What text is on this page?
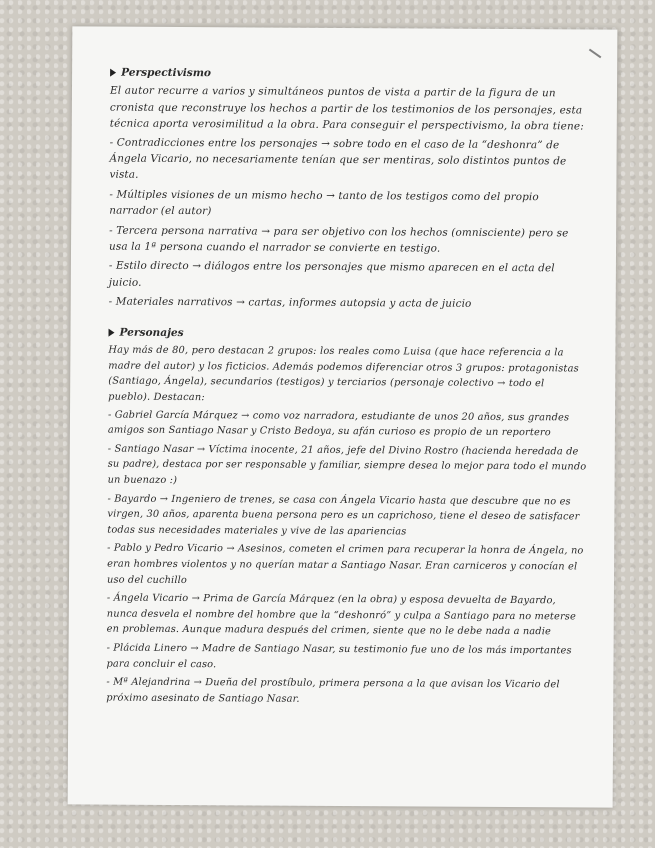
Perspectivismo
El autor recurre a varios y simultáneos puntos de vista a partir de la figura de un cronista que reconstruye los hechos a partir de los testimonios de los personajes, esta técnica aporta verosimilitud a la obra. Para conseguir el perspectivismo, la obra tiene:
- Contradicciones entre los personajes → sobre todo en el caso de la “deshonra” de Ángela Vicario, no necesariamente tenían que ser mentiras, solo distintos puntos de vista.
- Múltiples visiones de un mismo hecho → tanto de los testigos como del propio narrador (el autor)
- Tercera persona narrativa → para ser objetivo con los hechos (omnisciente) pero se usa la 1ª persona cuando el narrador se convierte en testigo.
- Estilo directo → diálogos entre los personajes que mismo aparecen en el acta del juicio.
- Materiales narrativos → cartas, informes autopsia y acta de juicio
Personajes
Hay más de 80, pero destacan 2 grupos: los reales como Luisa (que hace referencia a la madre del autor) y los ficticios. Además podemos diferenciar otros 3 grupos: protagonistas (Santiago, Ángela), secundarios (testigos) y terciarios (personaje colectivo → todo el pueblo). Destacan:
- Gabriel García Márquez → como voz narradora, estudiante de unos 20 años, sus grandes amigos son Santiago Nasar y Cristo Bedoya, su afán curioso es propio de un reportero
- Santiago Nasar → Víctima inocente, 21 años, jefe del Divino Rostro (hacienda heredada de su padre), destaca por ser responsable y familiar, siempre desea lo mejor para todo el mundo un buenazo :)
- Bayardo → Ingeniero de trenes, se casa con Ángela Vicario hasta que descubre que no es virgen, 30 años, aparenta buena persona pero es un caprichoso, tiene el deseo de satisfacer todas sus necesidades materiales y vive de las apariencias
- Pablo y Pedro Vicario → Asesinos, cometen el crimen para recuperar la honra de Ángela, no eran hombres violentos y no querían matar a Santiago Nasar. Eran carniceros y conocían el uso del cuchillo
- Ángela Vicario → Prima de García Márquez (en la obra) y esposa devuelta de Bayardo, nunca desvela el nombre del hombre que la “deshonró” y culpa a Santiago para no meterse en problemas. Aunque madura después del crimen, siente que no le debe nada a nadie
- Plácida Linero → Madre de Santiago Nasar, su testimonio fue uno de los más importantes para concluir el caso.
- Mª Alejandrina → Dueña del prostíbulo, primera persona a la que avisan los Vicario del próximo asesinato de Santiago Nasar.
